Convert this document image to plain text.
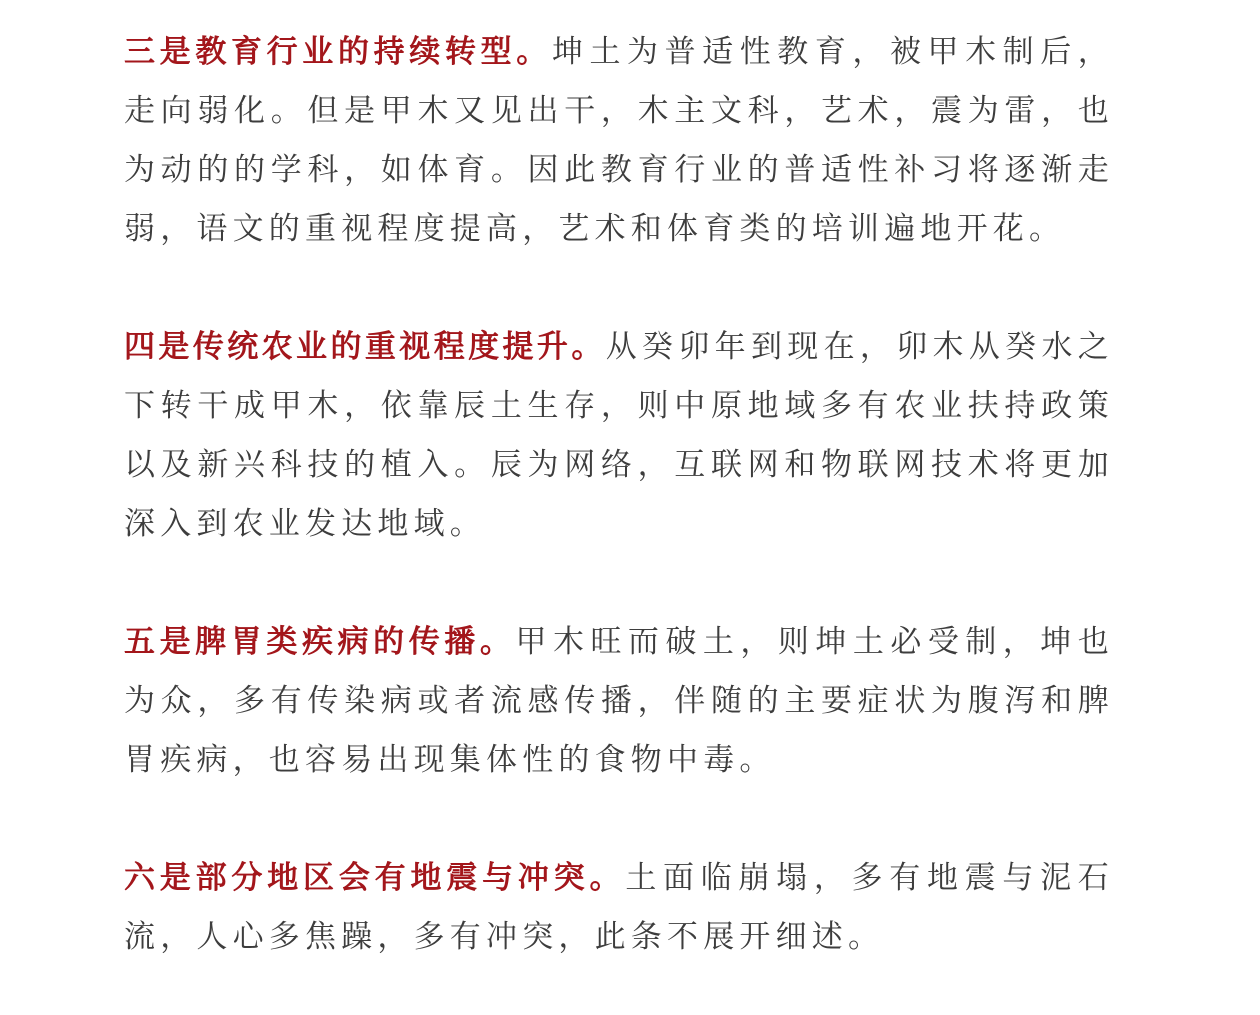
三是教育行业的持续转型。坤土为普适性教育，被甲木制后，走向弱化。但是甲木又见出干，木主文科，艺术，震为雷，也为动的的学科，如体育。因此教育行业的普适性补习将逐渐走弱，语文的重视程度提高，艺术和体育类的培训遍地开花。

四是传统农业的重视程度提升。从癸卯年到现在，卯木从癸水之下转干成甲木，依靠辰土生存，则中原地域多有农业扶持政策以及新兴科技的植入。辰为网络，互联网和物联网技术将更加深入到农业发达地域。

五是脾胃类疾病的传播。甲木旺而破土，则坤土必受制，坤也为众，多有传染病或者流感传播，伴随的主要症状为腹泻和脾胃疾病，也容易出现集体性的食物中毒。

六是部分地区会有地震与冲突。土面临崩塌，多有地震与泥石流，人心多焦躁，多有冲突，此条不展开细述。
